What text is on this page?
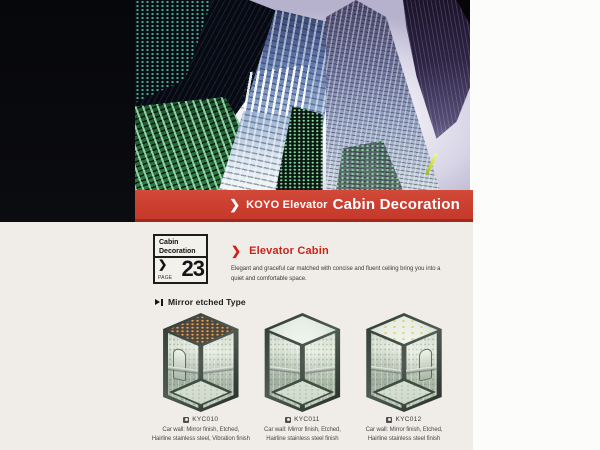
❯ KOYO Elevator Cabin Decoration
Cabin
Decoration
❯
PAGE 23
❯ Elevator Cabin
Elegant and graceful car matched with concise and fluent ceiling bring you into a
quiet and comfortable space.
Mirror etched Type
KYC010
Car wall: Mirror finish, Etched,
Hairline stainless steel, Vibration finish
KYC011
Car wall: Mirror finish, Etched,
Hairline stainless steel finish
KYC012
Car wall: Mirror finish, Etched,
Hairline stainless steel finish
